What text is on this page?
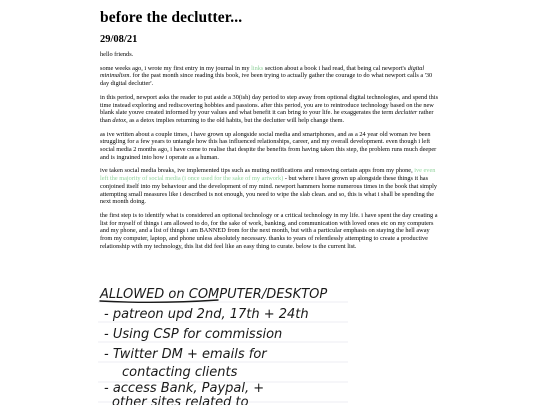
before the declutter...
29/08/21

hello friends.

some weeks ago, i wrote my first entry in my journal in my links section about a book i had read, that being cal newport's digital minimalism. for the past month since reading this book, ive been trying to actually gather the courage to do what newport calls a '30 day digital declutter'.

in this period, newport asks the reader to put aside a 30(ish) day period to step away from optional digital technologies, and spend this time instead exploring and rediscovering hobbies and passions. after this period, you are to reintroduce technology based on the new blank slate youve created informed by your values and what benefit it can bring to your life. he exaggerates the term declutter rather than detox, as a detox implies returning to the old habits, but the declutter will help change them.

as ive written about a couple times, i have grown up alongside social media and smartphones, and as a 24 year old woman ive been struggling for a few years to untangle how this has influenced relationships, career, and my overall development. even though i left social media 2 months ago, i have come to realise that despite the benefits from having taken this step, the problem runs much deeper and is ingrained into how i operate as a human.

ive taken social media breaks, ive implemented tips such as muting notifications and removing certain apps from my phone, ive even left the majority of social media (i once used for the sake of my artwork) - but where i have grown up alongside these things it has conjoined itself into my behaviour and the development of my mind. newport hammers home numerous times in the book that simply attempting small measures like i described is not enough, you need to wipe the slab clean. and so, this is what i shall be spending the next month doing.

the first step is to identify what is considered an optional technology or a critical technology in my life. i have spent the day creating a list for myself of things i am allowed to do, for the sake of work, banking, and communication with loved ones etc on my computers and my phone, and a list of things i am BANNED from for the next month, but with a particular emphasis on staying the hell away from my computer, laptop, and phone unless absolutely necessary. thanks to years of relentlessly attempting to create a productive relationship with my technology, this list did feel like an easy thing to curate. below is the current list.

ALLOWED on COMPUTER/DESKTOP
- patreon upd 2nd, 17th + 24th
- Using CSP for commission
- Twitter DM + emails for
contacting clients
- access Bank, Paypal, +
other sites related to
